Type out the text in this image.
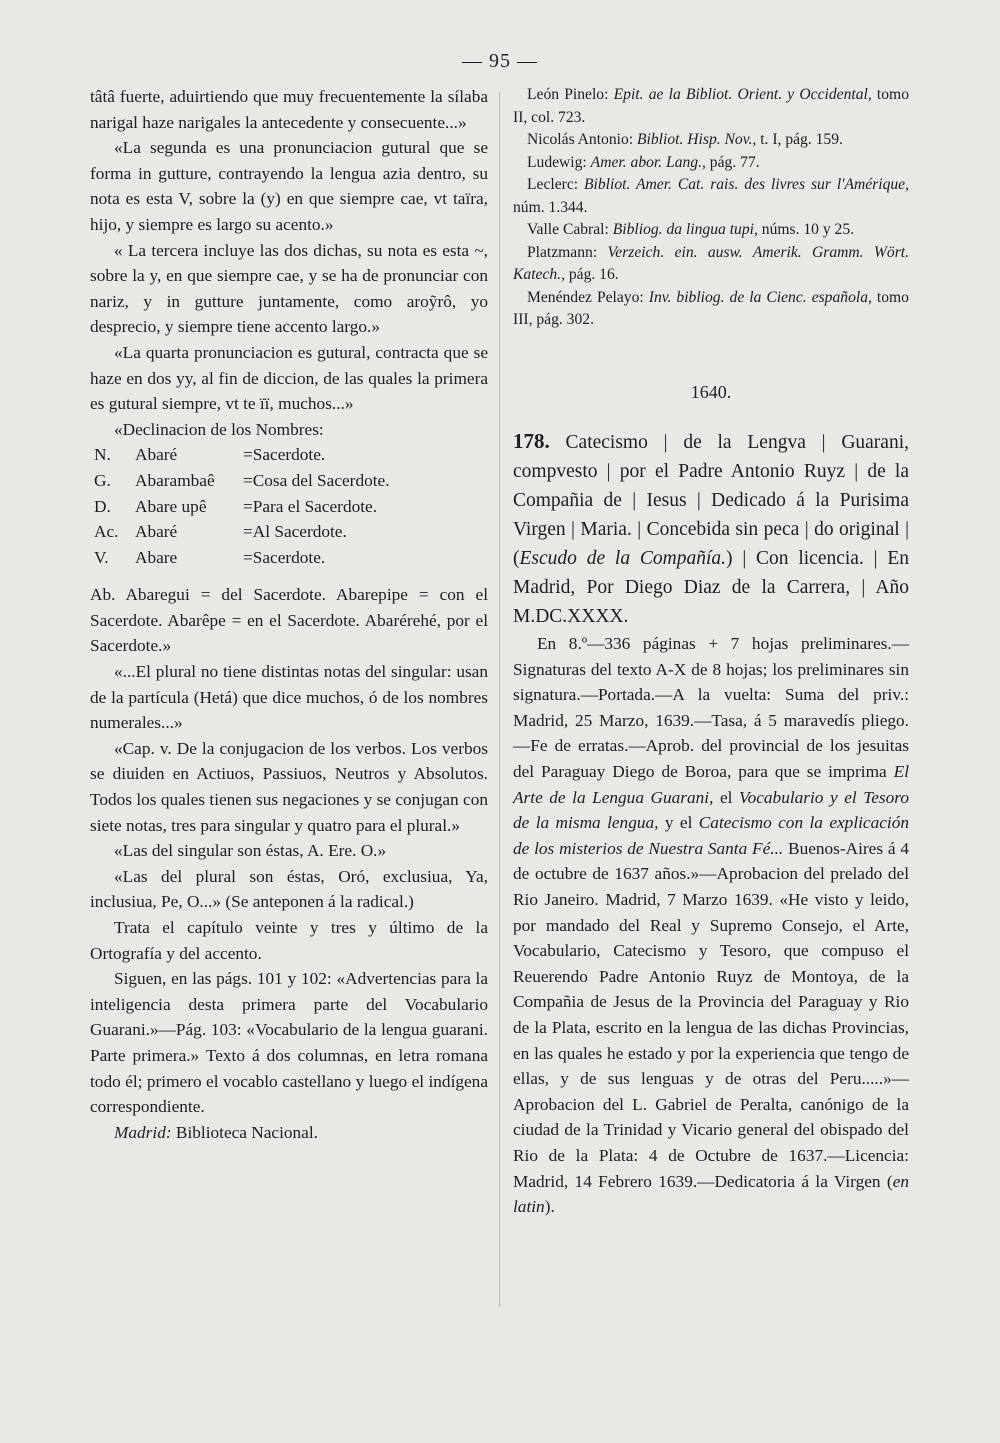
— 95 —

tâtâ fuerte, aduirtiendo que muy frecuentemente la sílaba narigal haze narigales la antecedente y consecuente...»

«La segunda es una pronunciacion gutural que se forma in gutture, contrayendo la lengua azia dentro, su nota es esta V, sobre la (y) en que siempre cae, vt taïra, hijo, y siempre es largo su acento.»

« La tercera incluye las dos dichas, su nota es esta ~, sobre la y, en que siempre cae, y se ha de pronunciar con nariz, y in gutture juntamente, como aroỹrô, yo desprecio, y siempre tiene accento largo.»

«La quarta pronunciacion es gutural, contracta que se haze en dos yy, al fin de diccion, de las quales la primera es gutural siempre, vt te ïï, muchos...»

«Declinacion de los Nombres:

N.	Abaré	=Sacerdote.
G.	Abarambaê	=Cosa del Sacerdote.
D.	Abare upê	=Para el Sacerdote.
Ac. Abaré	=Al Sacerdote.
V.	Abare	=Sacerdote.

Ab. Abaregui = del Sacerdote. Abarepipe = con el Sacerdote. Abarêpe = en el Sacerdote. Abarérehé, por el Sacerdote.»

«...El plural no tiene distintas notas del singular: usan de la partícula (Hetá) que dice muchos, ó de los nombres numerales...»

«Cap. v. De la conjugacion de los verbos. Los verbos se diuiden en Actiuos, Passiuos, Neutros y Absolutos. Todos los quales tienen sus negaciones y se conjugan con siete notas, tres para singular y quatro para el plural.»

«Las del singular son éstas, A. Ere. O.»

«Las del plural son éstas, Oró, exclusiua, Ya, inclusiua, Pe, O...» (Se anteponen á la radical.)

Trata el capítulo veinte y tres y último de la Ortografía y del accento.

Siguen, en las págs. 101 y 102: «Advertencias para la inteligencia desta primera parte del Vocabulario Guarani.»—Pág. 103: «Vocabulario de la lengua guarani. Parte primera.» Texto á dos columnas, en letra romana todo él; primero el vocablo castellano y luego el indígena correspondiente.

Madrid: Biblioteca Nacional.

León Pinelo: Epit. ae la Bibliot. Orient. y Occidental, tomo II, col. 723.

Nicolás Antonio: Bibliot. Hisp. Nov., t. I, pág. 159.

Ludewig: Amer. abor. Lang., pág. 77.

Leclerc: Bibliot. Amer. Cat. rais. des livres sur l'Amérique, núm. 1.344.

Valle Cabral: Bibliog. da lingua tupi, núms. 10 y 25.

Platzmann: Verzeich. ein. ausw. Amerik. Gramm. Wört. Katech., pág. 16.

Menéndez Pelayo: Inv. bibliog. de la Cienc. española, tomo III, pág. 302.

1640.

178. Catecismo | de la Lengva | Guarani, compvesto | por el Padre Antonio Ruyz | de la Compañia de | Iesus | Dedicado á la Purisima Virgen | Maria. | Concebida sin peca | do original | (Escudo de la Compañía.) | Con licencia. | En Madrid, Por Diego Diaz de la Carrera, | Año M.DC.XXXX.

En 8.º—336 páginas + 7 hojas preliminares.—Signaturas del texto A-X de 8 hojas; los preliminares sin signatura.—Portada.—A la vuelta: Suma del priv.: Madrid, 25 Marzo, 1639.—Tasa, á 5 maravedís pliego.—Fe de erratas.—Aprob. del provincial de los jesuitas del Paraguay Diego de Boroa, para que se imprima El Arte de la Lengua Guarani, el Vocabulario y el Tesoro de la misma lengua, y el Catecismo con la explicación de los misterios de Nuestra Santa Fé... Buenos-Aires á 4 de octubre de 1637 años.»—Aprobacion del prelado del Rio Janeiro. Madrid, 7 Marzo 1639. «He visto y leido, por mandado del Real y Supremo Consejo, el Arte, Vocabulario, Catecismo y Tesoro, que compuso el Reuerendo Padre Antonio Ruyz de Montoya, de la Compañia de Jesus de la Provincia del Paraguay y Rio de la Plata, escrito en la lengua de las dichas Provincias, en las quales he estado y por la experiencia que tengo de ellas, y de sus lenguas y de otras del Peru.....»—Aprobacion del L. Gabriel de Peralta, canónigo de la ciudad de la Trinidad y Vicario general del obispado del Rio de la Plata: 4 de Octubre de 1637.—Licencia: Madrid, 14 Febrero 1639.—Dedicatoria á la Virgen (en latin).
